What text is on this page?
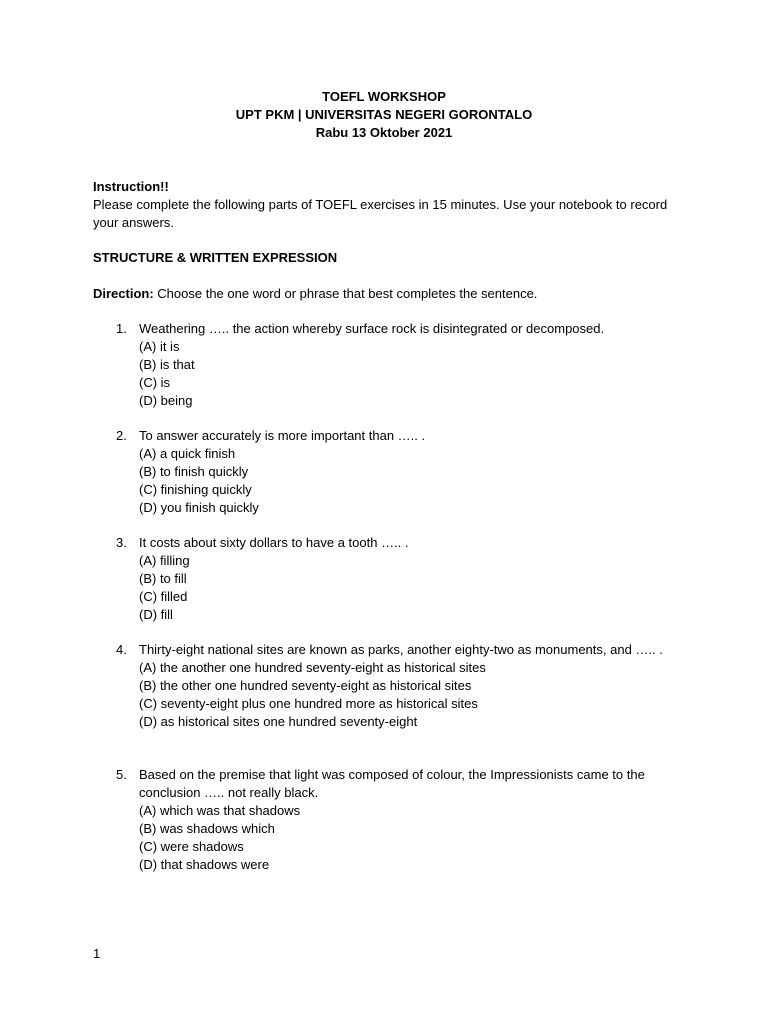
TOEFL WORKSHOP
UPT PKM | UNIVERSITAS NEGERI GORONTALO
Rabu 13 Oktober 2021
Instruction!!
Please complete the following parts of TOEFL exercises in 15 minutes. Use your notebook to record your answers.
STRUCTURE & WRITTEN EXPRESSION
Direction: Choose the one word or phrase that best completes the sentence.
1. Weathering ….. the action whereby surface rock is disintegrated or decomposed.
(A) it is
(B) is that
(C) is
(D) being
2. To answer accurately is more important than ….. .
(A) a quick finish
(B) to finish quickly
(C) finishing quickly
(D) you finish quickly
3. It costs about sixty dollars to have a tooth ….. .
(A) filling
(B) to fill
(C) filled
(D) fill
4. Thirty-eight national sites are known as parks, another eighty-two as monuments, and ….. .
(A) the another one hundred seventy-eight as historical sites
(B) the other one hundred seventy-eight as historical sites
(C) seventy-eight plus one hundred more as historical sites
(D) as historical sites one hundred seventy-eight
5. Based on the premise that light was composed of colour, the Impressionists came to the conclusion ….. not really black.
(A) which was that shadows
(B) was shadows which
(C) were shadows
(D) that shadows were
1
